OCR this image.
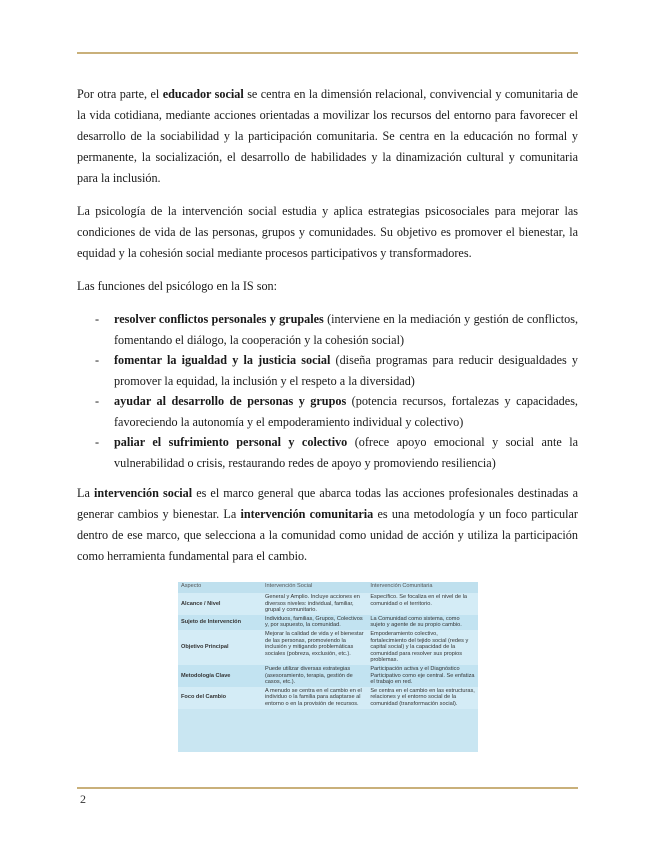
Por otra parte, el educador social se centra en la dimensión relacional, convivencial y comunitaria de la vida cotidiana, mediante acciones orientadas a movilizar los recursos del entorno para favorecer el desarrollo de la sociabilidad y la participación comunitaria. Se centra en la educación no formal y permanente, la socialización, el desarrollo de habilidades y la dinamización cultural y comunitaria para la inclusión.

La psicología de la intervención social estudia y aplica estrategias psicosociales para mejorar las condiciones de vida de las personas, grupos y comunidades. Su objetivo es promover el bienestar, la equidad y la cohesión social mediante procesos participativos y transformadores.

Las funciones del psicólogo en la IS son:

- resolver conflictos personales y grupales (interviene en la mediación y gestión de conflictos, fomentando el diálogo, la cooperación y la cohesión social)
- fomentar la igualdad y la justicia social (diseña programas para reducir desigualdades y promover la equidad, la inclusión y el respeto a la diversidad)
- ayudar al desarrollo de personas y grupos (potencia recursos, fortalezas y capacidades, favoreciendo la autonomía y el empoderamiento individual y colectivo)
- paliar el sufrimiento personal y colectivo (ofrece apoyo emocional y social ante la vulnerabilidad o crisis, restaurando redes de apoyo y promoviendo resiliencia)

La intervención social es el marco general que abarca todas las acciones profesionales destinadas a generar cambios y bienestar. La intervención comunitaria es una metodología y un foco particular dentro de ese marco, que selecciona a la comunidad como unidad de acción y utiliza la participación como herramienta fundamental para el cambio.

Aspecto	Intervención Social	Intervención Comunitaria
Alcance / Nivel	General y Amplio. Incluye acciones en diversos niveles: individual, familiar, grupal y comunitario.	Específico. Se focaliza en el nivel de la comunidad o el territorio.
Sujeto de Intervención	Individuos, familias, Grupos, Colectivos y, por supuesto, la comunidad.	La Comunidad como sistema, como sujeto y agente de su propio cambio.
Objetivo Principal	Mejorar la calidad de vida y el bienestar de las personas, promoviendo la inclusión y mitigando problemáticas sociales (pobreza, exclusión, etc.).	Empoderamiento colectivo, fortalecimiento del tejido social (redes y capital social) y la capacidad de la comunidad para resolver sus propios problemas.
Metodología Clave	Puede utilizar diversas estrategias (asesoramiento, terapia, gestión de casos, etc.).	Participación activa y el Diagnóstico Participativo como eje central. Se enfatiza el trabajo en red.
Foco del Cambio	A menudo se centra en el cambio en el individuo o la familia para adaptarse al entorno o en la provisión de recursos.	Se centra en el cambio en las estructuras, relaciones y el entorno social de la comunidad (transformación social).
2
